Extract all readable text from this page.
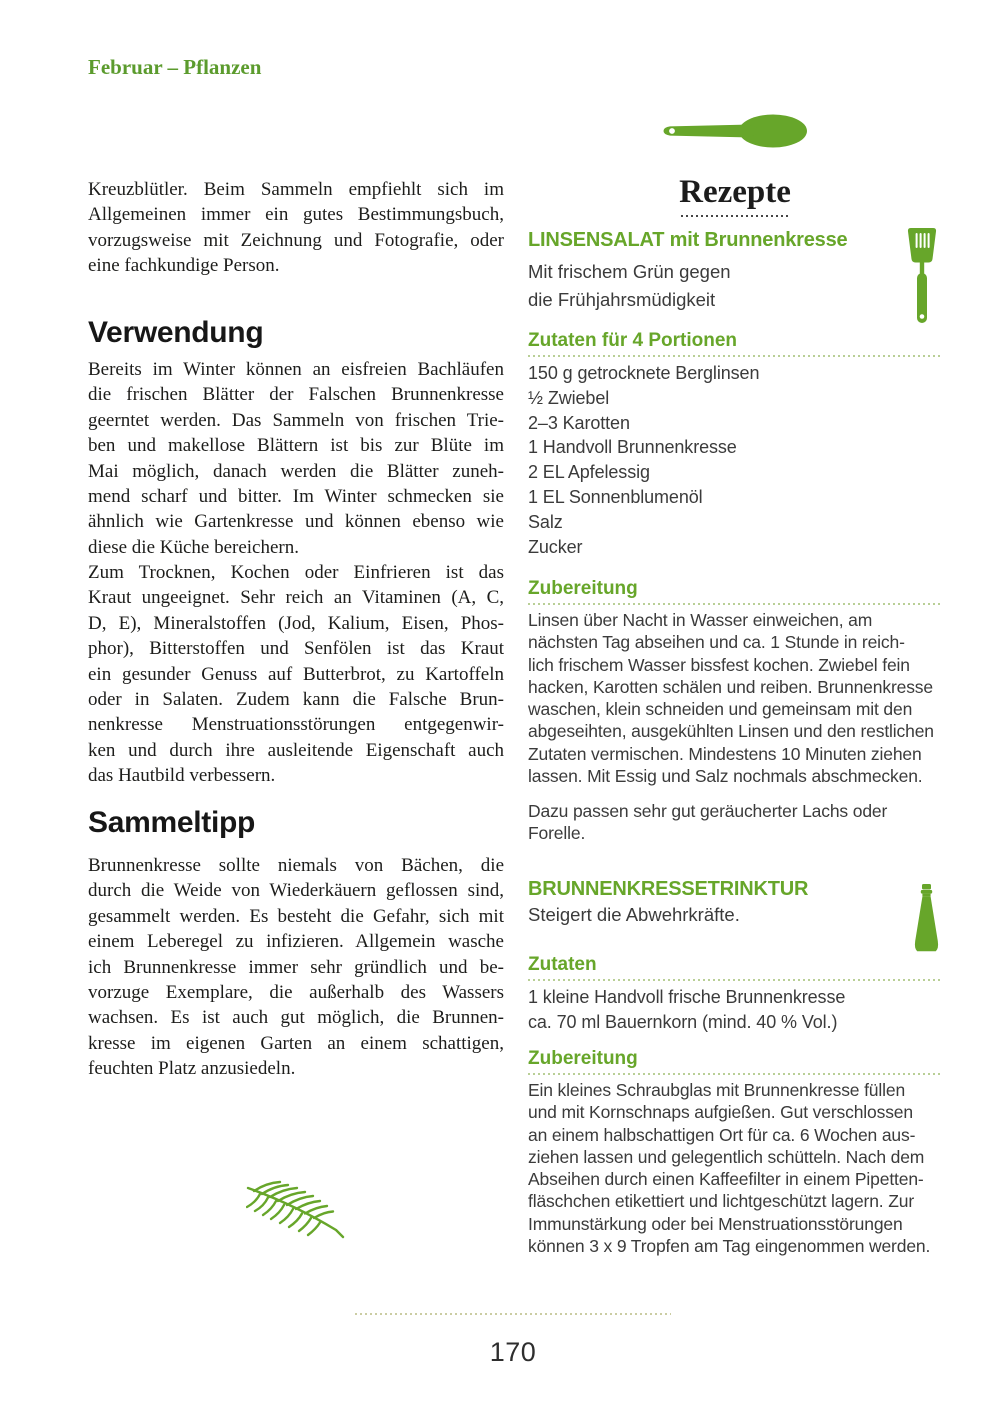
Februar – Pflanzen
Kreuzblütler. Beim Sammeln empfiehlt sich im
Allgemeinen immer ein gutes Bestimmungsbuch,
vorzugsweise mit Zeichnung und Fotografie, oder
eine fachkundige Person.
Verwendung
Bereits im Winter können an eisfreien Bachläufen
die frischen Blätter der Falschen Brunnenkresse
geerntet werden. Das Sammeln von frischen Trie-
ben und makellose Blättern ist bis zur Blüte im
Mai möglich, danach werden die Blätter zuneh-
mend scharf und bitter. Im Winter schmecken sie
ähnlich wie Gartenkresse und können ebenso wie
diese die Küche bereichern.
Zum Trocknen, Kochen oder Einfrieren ist das
Kraut ungeeignet. Sehr reich an Vitaminen (A, C,
D, E), Mineralstoffen (Jod, Kalium, Eisen, Phos-
phor), Bitterstoffen und Senfölen ist das Kraut
ein gesunder Genuss auf Butterbrot, zu Kartoffeln
oder in Salaten. Zudem kann die Falsche Brun-
nenkresse Menstruationsstörungen entgegenwir-
ken und durch ihre ausleitende Eigenschaft auch
das Hautbild verbessern.
Sammeltipp
Brunnenkresse sollte niemals von Bächen, die
durch die Weide von Wiederkäuern geflossen sind,
gesammelt werden. Es besteht die Gefahr, sich mit
einem Leberegel zu infizieren. Allgemein wasche
ich Brunnenkresse immer sehr gründlich und be-
vorzuge Exemplare, die außerhalb des Wassers
wachsen. Es ist auch gut möglich, die Brunnen-
kresse im eigenen Garten an einem schattigen,
feuchten Platz anzusiedeln.
Rezepte
LINSENSALAT mit Brunnenkresse
Mit frischem Grün gegen
die Frühjahrsmüdigkeit
Zutaten für 4 Portionen
150 g getrocknete Berglinsen
½ Zwiebel
2–3 Karotten
1 Handvoll Brunnenkresse
2 EL Apfelessig
1 EL Sonnenblumenöl
Salz
Zucker
Zubereitung
Linsen über Nacht in Wasser einweichen, am
nächsten Tag abseihen und ca. 1 Stunde in reich-
lich frischem Wasser bissfest kochen. Zwiebel fein
hacken, Karotten schälen und reiben. Brunnenkresse
waschen, klein schneiden und gemeinsam mit den
abgeseihten, ausgekühlten Linsen und den restlichen
Zutaten vermischen. Mindestens 10 Minuten ziehen
lassen. Mit Essig und Salz nochmals abschmecken.
Dazu passen sehr gut geräucherter Lachs oder
Forelle.
BRUNNENKRESSETRINKTUR
Steigert die Abwehrkräfte.
Zutaten
1 kleine Handvoll frische Brunnenkresse
ca. 70 ml Bauernkorn (mind. 40 % Vol.)
Zubereitung
Ein kleines Schraubglas mit Brunnenkresse füllen
und mit Kornschnaps aufgießen. Gut verschlossen
an einem halbschattigen Ort für ca. 6 Wochen aus-
ziehen lassen und gelegentlich schütteln. Nach dem
Abseihen durch einen Kaffeefilter in einem Pipetten-
fläschchen etikettiert und lichtgeschützt lagern. Zur
Immunstärkung oder bei Menstruationsstörungen
können 3 x 9 Tropfen am Tag eingenommen werden.
170
